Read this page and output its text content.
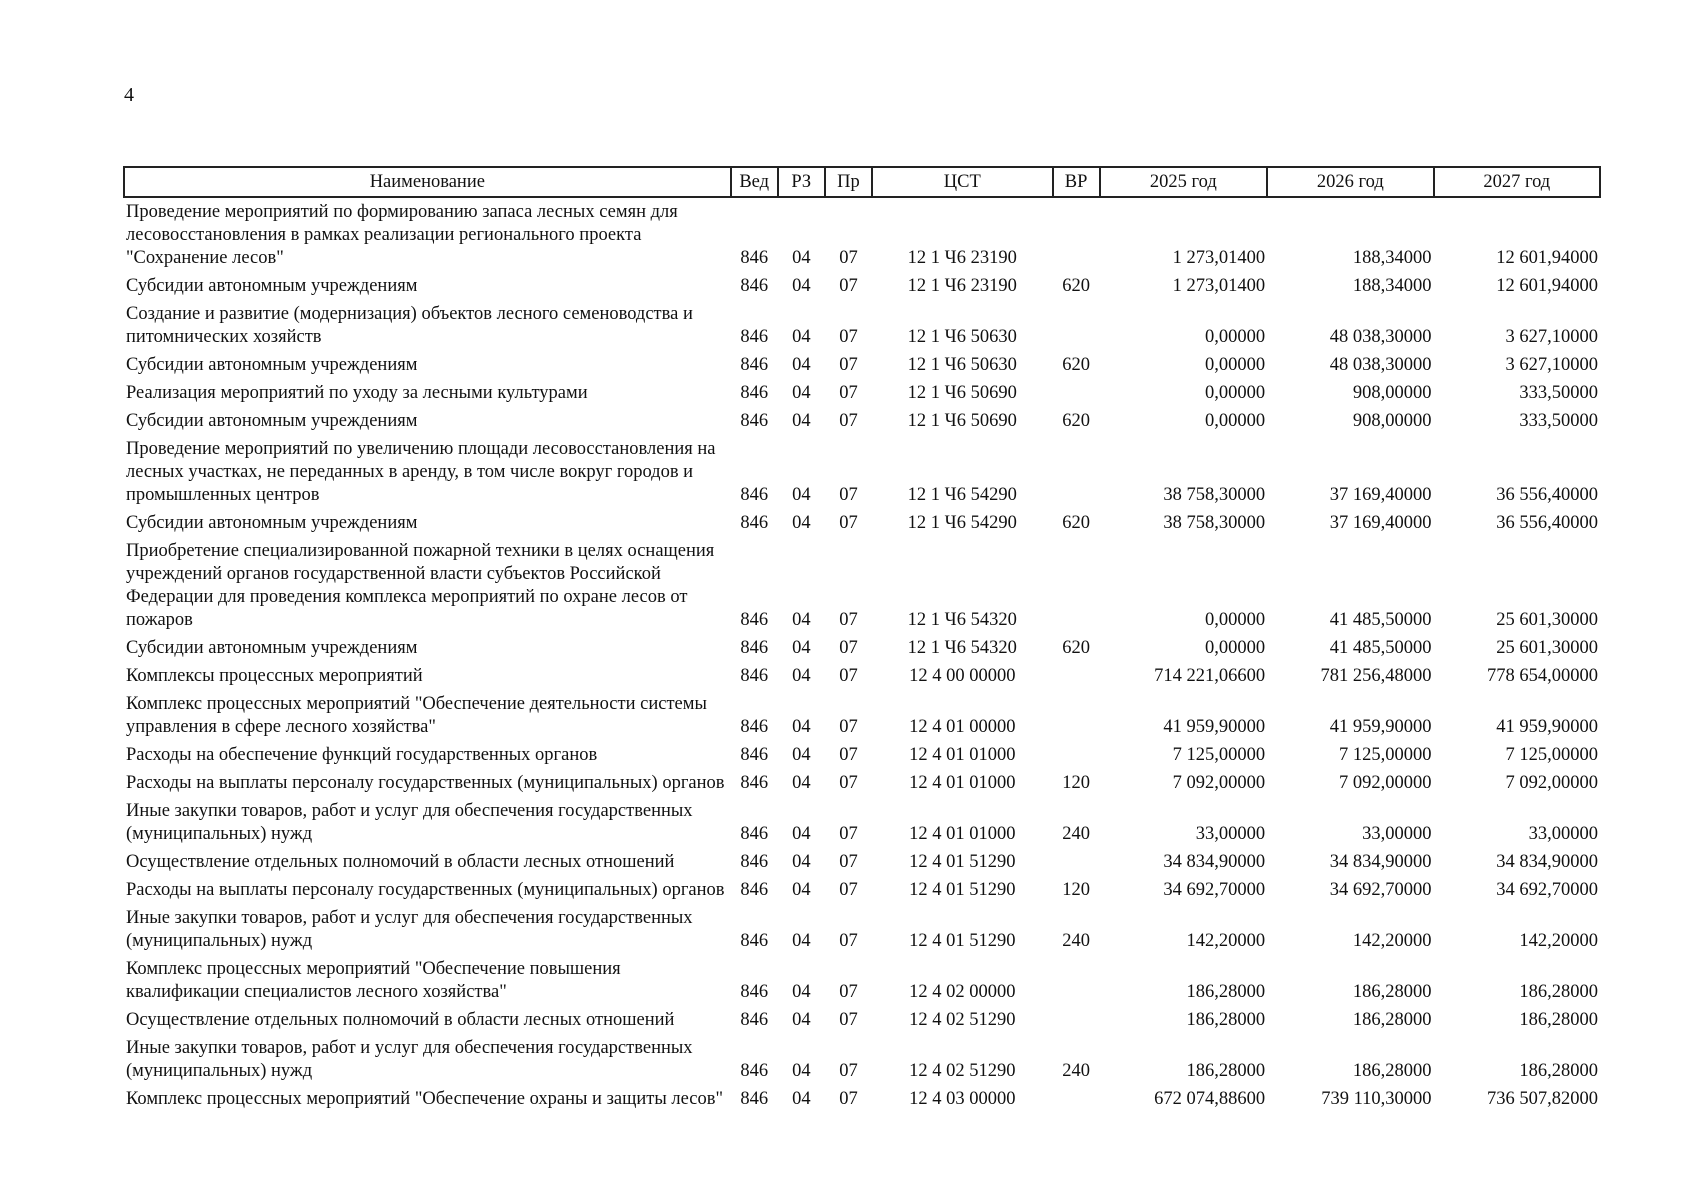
4
Наименование	Вед	РЗ	Пр	ЦСТ	ВР	2025 год	2026 год	2027 год
Проведение мероприятий по формированию запаса лесных семян для лесовосстановления в рамках реализации регионального проекта "Сохранение лесов"	846	04	07	12 1 Ч6 23190		1 273,01400	188,34000	12 601,94000
Субсидии автономным учреждениям	846	04	07	12 1 Ч6 23190	620	1 273,01400	188,34000	12 601,94000
Создание и развитие (модернизация) объектов лесного семеноводства и питомнических хозяйств	846	04	07	12 1 Ч6 50630		0,00000	48 038,30000	3 627,10000
Субсидии автономным учреждениям	846	04	07	12 1 Ч6 50630	620	0,00000	48 038,30000	3 627,10000
Реализация мероприятий по уходу за лесными культурами	846	04	07	12 1 Ч6 50690		0,00000	908,00000	333,50000
Субсидии автономным учреждениям	846	04	07	12 1 Ч6 50690	620	0,00000	908,00000	333,50000
Проведение мероприятий по увеличению площади лесовосстановления на лесных участках, не переданных в аренду, в том числе вокруг городов и промышленных центров	846	04	07	12 1 Ч6 54290		38 758,30000	37 169,40000	36 556,40000
Субсидии автономным учреждениям	846	04	07	12 1 Ч6 54290	620	38 758,30000	37 169,40000	36 556,40000
Приобретение специализированной пожарной техники в целях оснащения учреждений органов государственной власти субъектов Российской Федерации для проведения комплекса мероприятий по охране лесов от пожаров	846	04	07	12 1 Ч6 54320		0,00000	41 485,50000	25 601,30000
Субсидии автономным учреждениям	846	04	07	12 1 Ч6 54320	620	0,00000	41 485,50000	25 601,30000
Комплексы процессных мероприятий	846	04	07	12 4 00 00000		714 221,06600	781 256,48000	778 654,00000
Комплекс процессных мероприятий "Обеспечение деятельности системы управления в сфере лесного хозяйства"	846	04	07	12 4 01 00000		41 959,90000	41 959,90000	41 959,90000
Расходы на обеспечение функций государственных органов	846	04	07	12 4 01 01000		7 125,00000	7 125,00000	7 125,00000
Расходы на выплаты персоналу государственных (муниципальных) органов	846	04	07	12 4 01 01000	120	7 092,00000	7 092,00000	7 092,00000
Иные закупки товаров, работ и услуг для обеспечения государственных (муниципальных) нужд	846	04	07	12 4 01 01000	240	33,00000	33,00000	33,00000
Осуществление отдельных полномочий в области лесных отношений	846	04	07	12 4 01 51290		34 834,90000	34 834,90000	34 834,90000
Расходы на выплаты персоналу государственных (муниципальных) органов	846	04	07	12 4 01 51290	120	34 692,70000	34 692,70000	34 692,70000
Иные закупки товаров, работ и услуг для обеспечения государственных (муниципальных) нужд	846	04	07	12 4 01 51290	240	142,20000	142,20000	142,20000
Комплекс процессных мероприятий "Обеспечение повышения квалификации специалистов лесного хозяйства"	846	04	07	12 4 02 00000		186,28000	186,28000	186,28000
Осуществление отдельных полномочий в области лесных отношений	846	04	07	12 4 02 51290		186,28000	186,28000	186,28000
Иные закупки товаров, работ и услуг для обеспечения государственных (муниципальных) нужд	846	04	07	12 4 02 51290	240	186,28000	186,28000	186,28000
Комплекс процессных мероприятий "Обеспечение охраны и защиты лесов"	846	04	07	12 4 03 00000		672 074,88600	739 110,30000	736 507,82000
